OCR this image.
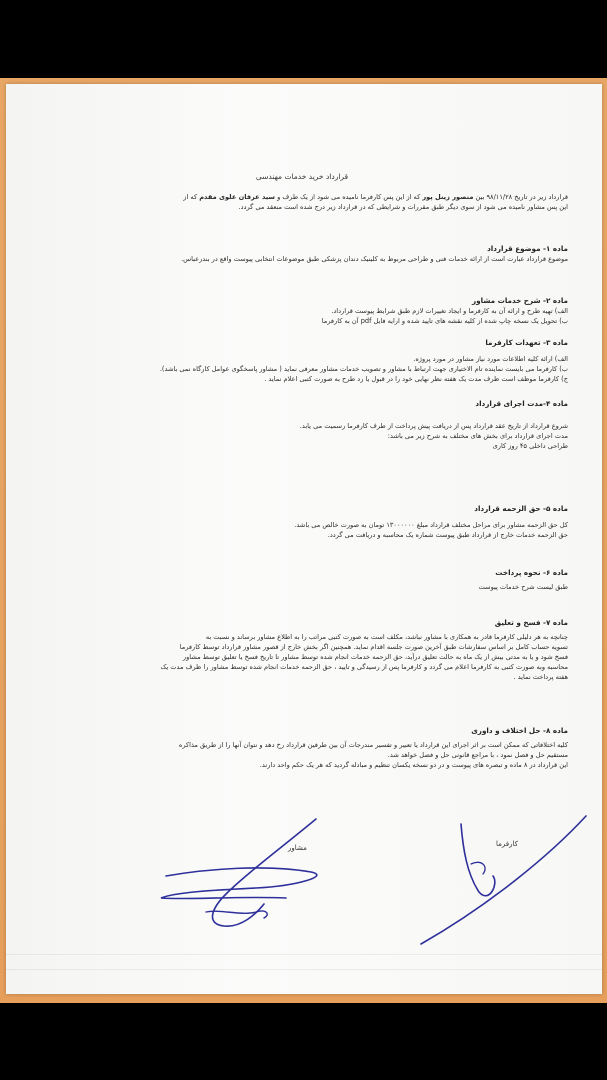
قرارداد خرید خدمات مهندسی

قرارداد زیر در تاریخ ۹۸/۱۱/۲۸ بین منصور زینل پور که از این پس کارفرما نامیده می شود از یک طرف و سید عرفان علوی مقدم که از

این پس مشاور نامیده می شود از سوی دیگر طبق مقررات و شرایطی که در قرارداد زیر درج شده است منعقد می گردد.

ماده ۱- موضوع قرارداد

موضوع قرارداد عبارت است از ارائه خدمات فنی و طراحی مربوط به کلینیک دندان پزشکی طبق موضوعات انتخابی پیوست واقع در بندرعباس.

ماده ۲- شرح خدمات مشاور

الف) تهیه طرح و ارائه آن به کارفرما و ایجاد تغییرات لازم طبق شرایط پیوست قرارداد.

ب) تحویل یک نسخه چاپ شده از کلیه نقشه های تایید شده و ارایه فایل pdf آن به کارفرما

ماده ۳- تعهدات کارفرما

الف) ارائه کلیه اطلاعات مورد نیاز مشاور در مورد پروژه.

ب) کارفرما می بایست نماینده تام الاختیاری جهت ارتباط با مشاور و تصویب خدمات مشاور معرفی نماید ( مشاور پاسخگوی عوامل کارگاه نمی باشد).

ج) کارفرما موظف است ظرف مدت یک هفته نظر نهایی خود را در قبول یا رد طرح به صورت کتبی اعلام نماید .

ماده ۴-مدت اجرای قرارداد

شروع قرارداد از تاریخ عقد قرارداد پس از دریافت پیش پرداخت از طرف کارفرما رسمیت می یابد.

مدت اجرای قرارداد برای بخش های مختلف به شرح زیر می باشد:

طراحی داخلی ۴۵ روز کاری

ماده ۵- حق الزحمه قرارداد

کل حق الزحمه مشاور برای مراحل مختلف قرارداد مبلغ ۱۳۰۰۰۰۰۰ تومان به صورت خالص می باشد.

حق الزحمه خدمات خارج از قرارداد طبق پیوست شماره یک محاسبه و دریافت می گردد.

ماده ۶- نحوه پرداخت

طبق لیست شرح خدمات پیوست

ماده ۷- فسخ و تعلیق

چنانچه به هر دلیلی کارفرما قادر به همکاری با مشاور نباشد، مکلف است به صورت کتبی مراتب را به اطلاع مشاور برساند و نسبت به

تسویه حساب کامل بر اساس سفارشات طبق آخرین صورت جلسه اقدام نماید. همچنین اگر بخش خارج از قصور مشاور قرارداد توسط کارفرما

فسخ شود و یا به مدتی بیش از یک ماه به حالت تعلیق درآید، حق الزحمه خدمات انجام شده توسط مشاور تا تاریخ فسخ یا تعلیق توسط مشاور

محاسبه وبه صورت کتبی به کارفرما اعلام می گردد و کارفرما پس از رسیدگی و تایید ، حق الزحمه خدمات انجام شده توسط مشاور را ظرف مدت یک

هفته پرداخت نماید .

ماده ۸- حل اختلاف و داوری

کلیه اختلافاتی که ممکن است بر اثر اجرای این قرارداد یا تعبیر و تفسیر مندرجات آن بین طرفین قرارداد رخ دهد و نتوان آنها را از طریق مذاکره

مستقیم حل و فصل نمود ، با مراجع قانونی حل و فصل خواهد شد.

این قرارداد در ۸ ماده و تبصره های پیوست و در دو نسخه یکسان تنظیم و مبادله گردید که هر یک حکم واحد دارند.

مشاور	کارفرما
